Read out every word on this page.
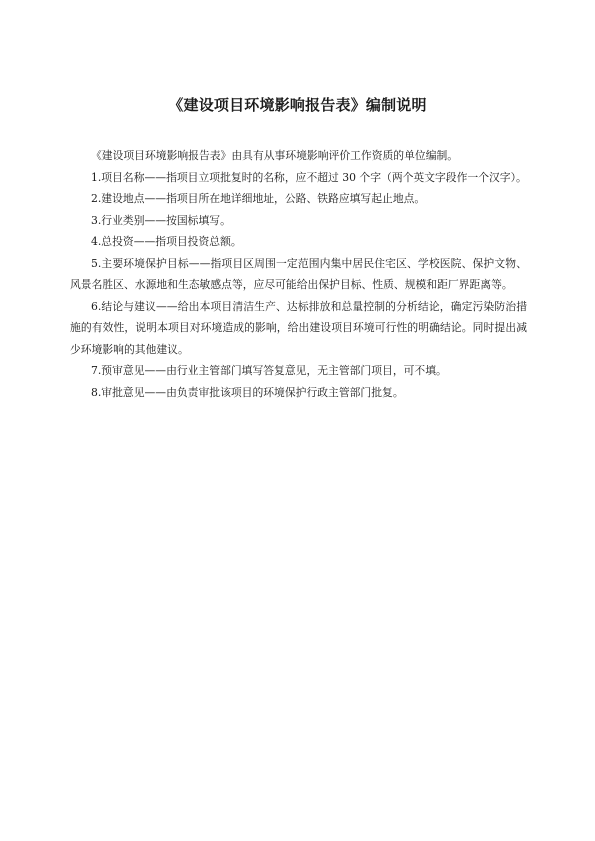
《建设项目环境影响报告表》编制说明

《建设项目环境影响报告表》由具有从事环境影响评价工作资质的单位编制。

1.项目名称——指项目立项批复时的名称，应不超过 30 个字（两个英文字段作一个汉字）。

2.建设地点——指项目所在地详细地址，公路、铁路应填写起止地点。

3.行业类别——按国标填写。

4.总投资——指项目投资总额。

5.主要环境保护目标——指项目区周围一定范围内集中居民住宅区、学校医院、保护文物、风景名胜区、水源地和生态敏感点等，应尽可能给出保护目标、性质、规模和距厂界距离等。

6.结论与建议——给出本项目清洁生产、达标排放和总量控制的分析结论，确定污染防治措施的有效性，说明本项目对环境造成的影响，给出建设项目环境可行性的明确结论。同时提出减少环境影响的其他建议。

7.预审意见——由行业主管部门填写答复意见，无主管部门项目，可不填。

8.审批意见——由负责审批该项目的环境保护行政主管部门批复。
